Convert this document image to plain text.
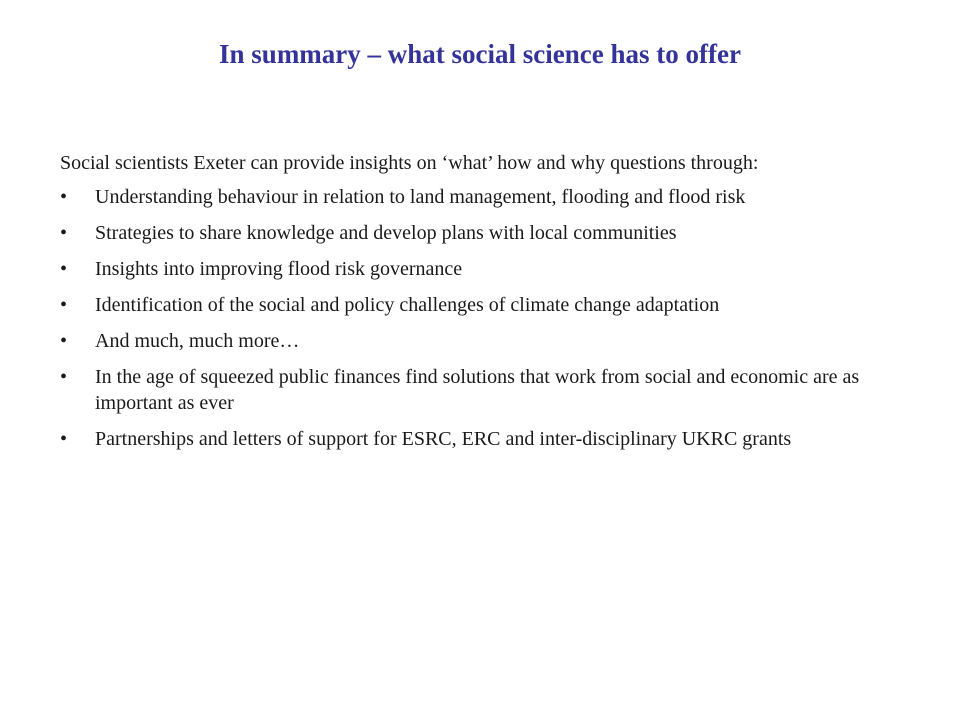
In summary – what social science has to offer

Social scientists Exeter can provide insights on ‘what’ how and why questions through:

•	Understanding behaviour in relation to land management, flooding and flood risk
•	Strategies to share knowledge and develop plans with local communities
•	Insights into improving flood risk governance
•	Identification of the social and policy challenges of climate change adaptation
•	And much, much more…
•	In the age of squeezed public finances find solutions that work from social and economic are as important as ever
•	Partnerships and letters of support for ESRC, ERC and inter-disciplinary UKRC grants
